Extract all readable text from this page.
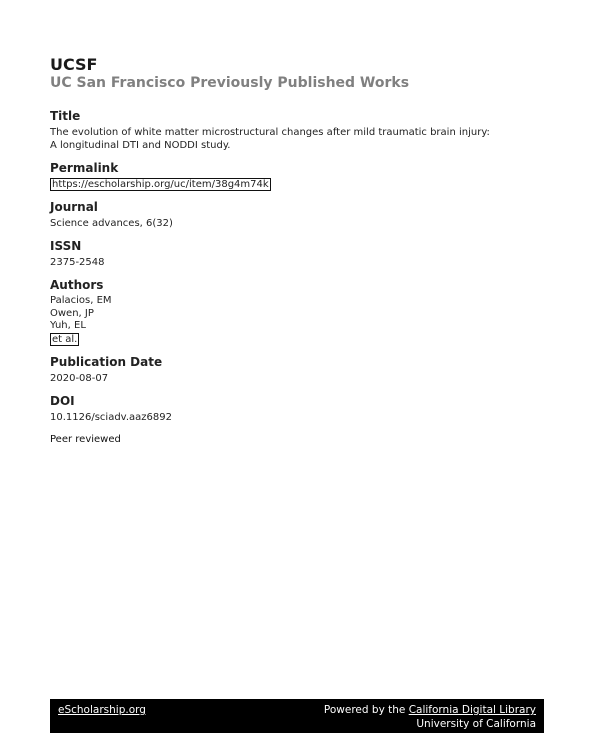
UCSF
UC San Francisco Previously Published Works
Title
The evolution of white matter microstructural changes after mild traumatic brain injury:
A longitudinal DTI and NODDI study.
Permalink
https://escholarship.org/uc/item/38g4m74k
Journal
Science advances, 6(32)
ISSN
2375-2548
Authors
Palacios, EM
Owen, JP
Yuh, EL
et al.
Publication Date
2020-08-07
DOI
10.1126/sciadv.aaz6892
Peer reviewed
eScholarship.org	Powered by the California Digital Library
University of California
